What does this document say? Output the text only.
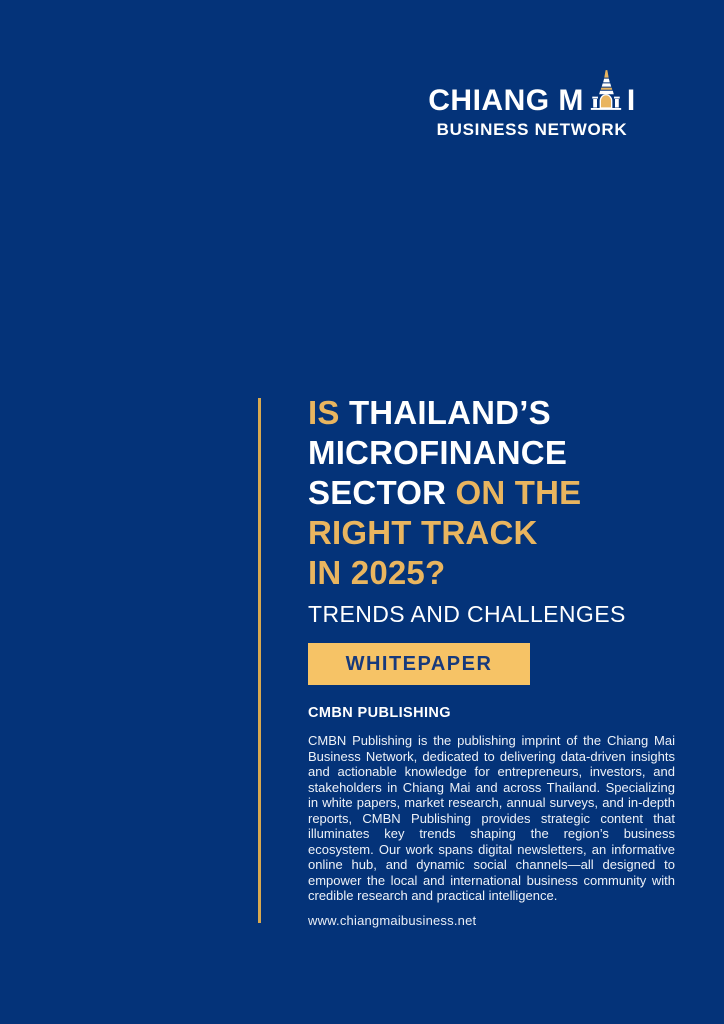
CHIANG M I
BUSINESS NETWORK
IS THAILAND’S
MICROFINANCE
SECTOR ON THE
RIGHT TRACK
IN 2025?
TRENDS AND CHALLENGES
WHITEPAPER
CMBN PUBLISHING

CMBN Publishing is the publishing imprint of the Chiang Mai Business Network, dedicated to delivering data-driven insights and actionable knowledge for entrepreneurs, investors, and stakeholders in Chiang Mai and across Thailand. Specializing in white papers, market research, annual surveys, and in-depth reports, CMBN Publishing provides strategic content that illuminates key trends shaping the region’s business ecosystem. Our work spans digital newsletters, an informative online hub, and dynamic social channels—all designed to empower the local and international business community with credible research and practical intelligence.

www.chiangmaibusiness.net
